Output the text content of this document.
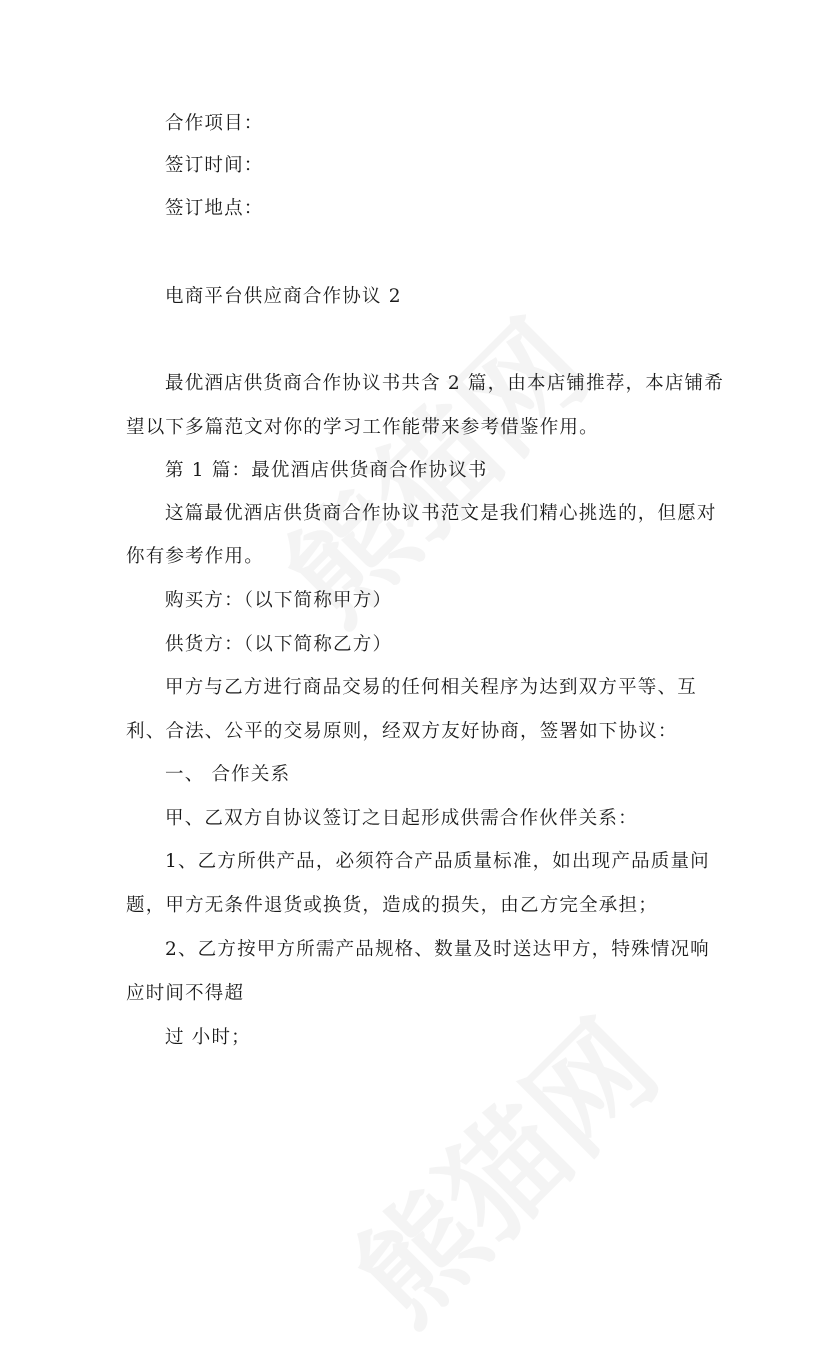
合作项目：
签订时间：
签订地点：
电商平台供应商合作协议 2
最优酒店供货商合作协议书共含 2 篇，由本店铺推荐，本店铺希
望以下多篇范文对你的学习工作能带来参考借鉴作用。
第 1 篇：最优酒店供货商合作协议书
这篇最优酒店供货商合作协议书范文是我们精心挑选的，但愿对
你有参考作用。
购买方：（以下简称甲方）
供货方：（以下简称乙方）
甲方与乙方进行商品交易的任何相关程序为达到双方平等、互
利、合法、公平的交易原则，经双方友好协商，签署如下协议：
一、 合作关系
甲、乙双方自协议签订之日起形成供需合作伙伴关系：
1、乙方所供产品，必须符合产品质量标准，如出现产品质量问
题，甲方无条件退货或换货，造成的损失，由乙方完全承担；
2、乙方按甲方所需产品规格、数量及时送达甲方，特殊情况响
应时间不得超
过 小时；
